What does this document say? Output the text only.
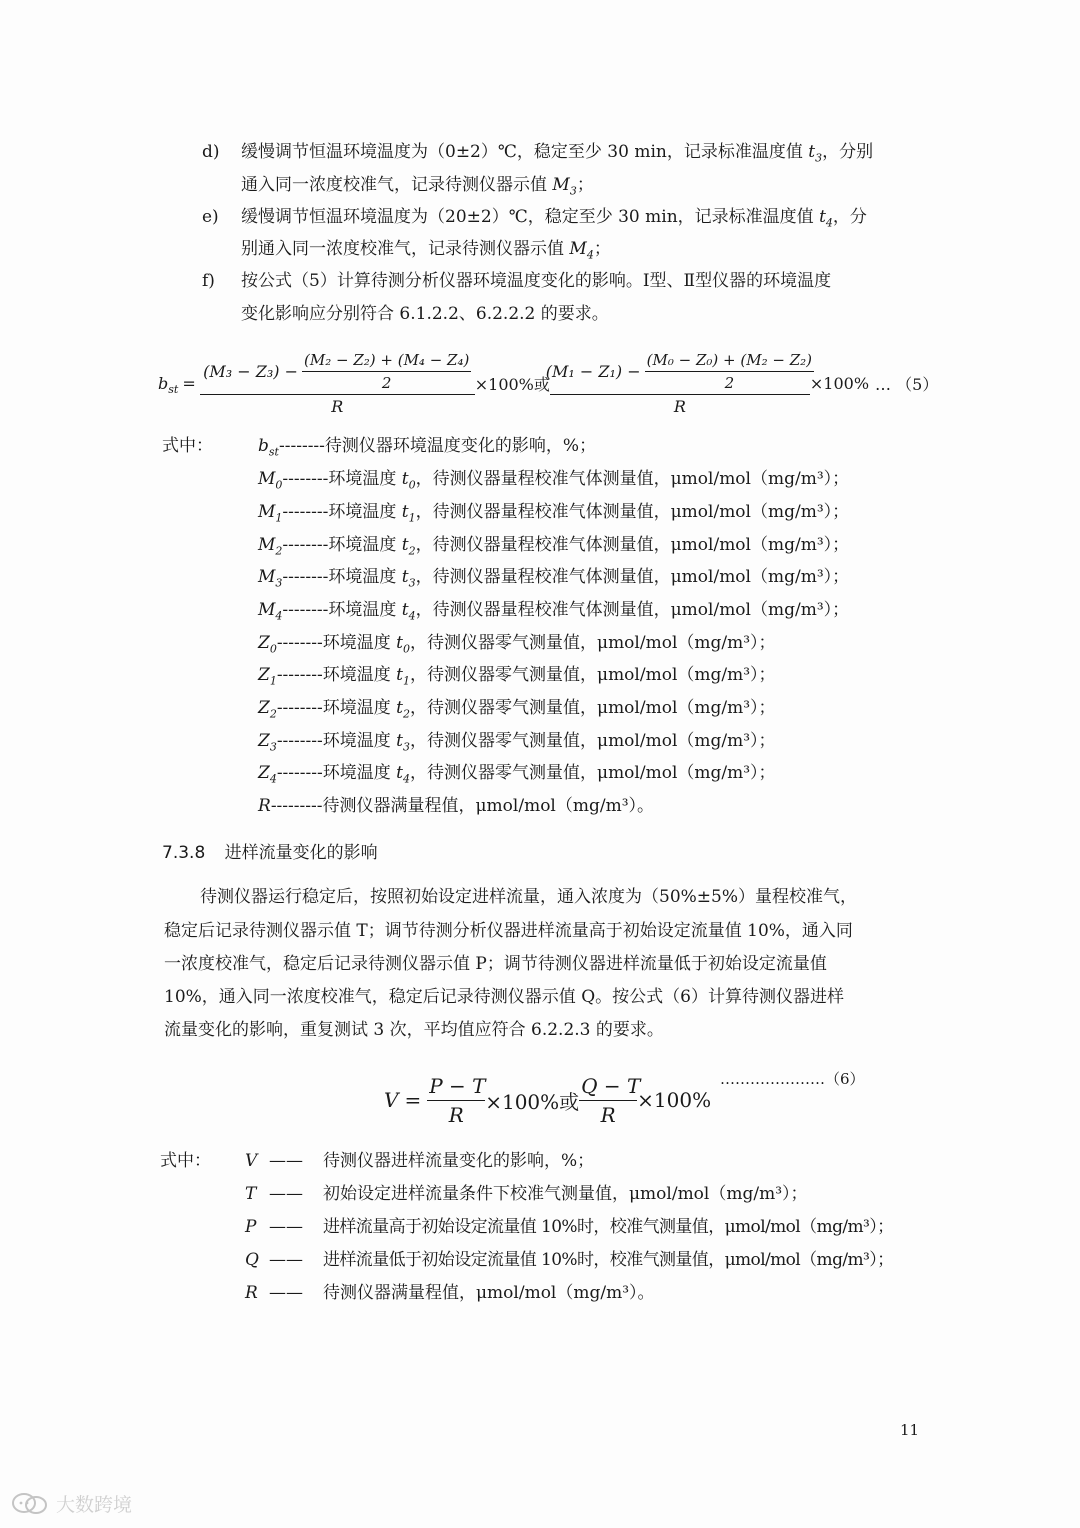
d) 缓慢调节恒温环境温度为（0±2）℃，稳定至少 30 min，记录标准温度值 $t_3$，分别
通入同一浓度校准气，记录待测仪器示值 $M_3$；
e) 缓慢调节恒温环境温度为（20±2）℃，稳定至少 30 min，记录标准温度值 $t_4$，分
别通入同一浓度校准气，记录待测仪器示值 $M_4$；
f) 按公式（5）计算待测分析仪器环境温度变化的影响。Ⅰ型、Ⅱ型仪器的环境温度
变化影响应分别符合 6.1.2.2、6.2.2.2 的要求。
$b_{st} = \frac{(M_3 - Z_3) - \frac{\text{(M₂ − Z₂) + (M₄ − Z₄)}}{2}}{R} \times 100\%$或 $\frac{(M_1 - Z_1) - \frac{\text{(M₀ − Z₀) + (M₂ − Z₂)}}{2}}{R} \times 100\%$ … （5）
式中：	$b_{st}--------$待测仪器环境温度变化的影响，%；
$M_0--------$环境温度 $t_0$，待测仪器量程校准气体测量值，μmol/mol（mg/m³）；
$M_1--------$环境温度 $t_1$，待测仪器量程校准气体测量值，μmol/mol（mg/m³）；
$M_2--------$环境温度 $t_2$，待测仪器量程校准气体测量值，μmol/mol（mg/m³）；
$M_3--------$环境温度 $t_3$，待测仪器量程校准气体测量值，μmol/mol（mg/m³）；
$M_4--------$环境温度 $t_4$，待测仪器量程校准气体测量值，μmol/mol（mg/m³）；
$Z_0--------$环境温度 $t_0$，待测仪器零气测量值，μmol/mol（mg/m³）；
$Z_1--------$环境温度 $t_1$，待测仪器零气测量值，μmol/mol（mg/m³）；
$Z_2--------$环境温度 $t_2$，待测仪器零气测量值，μmol/mol（mg/m³）；
$Z_3--------$环境温度 $t_3$，待测仪器零气测量值，μmol/mol（mg/m³）；
$Z_4--------$环境温度 $t_4$，待测仪器零气测量值，μmol/mol（mg/m³）；
R---------待测仪器满量程值，μmol/mol（mg/m³）。
7.3.8 进样流量变化的影响
待测仪器运行稳定后，按照初始设定进样流量，通入浓度为（50%±5%）量程校准气，
稳定后记录待测仪器示值 T；调节待测分析仪器进样流量高于初始设定流量值 10%，通入同
一浓度校准气，稳定后记录待测仪器示值 P；调节待测仪器进样流量低于初始设定流量值
10%，通入同一浓度校准气，稳定后记录待测仪器示值 Q。按公式（6）计算待测仪器进样
流量变化的影响，重复测试 3 次，平均值应符合 6.2.2.3 的要求。
$V = \frac{P - T}{R} \times 100\%$或 $\frac{Q - T}{R} \times 100\%$
…………………（6）
式中： V —— 待测仪器进样流量变化的影响，%；
T —— 初始设定进样流量条件下校准气测量值，μmol/mol（mg/m³）；
P —— 进样流量高于初始设定流量值 10%时，校准气测量值，μmol/mol（mg/m³）；
Q —— 进样流量低于初始设定流量值 10%时，校准气测量值，μmol/mol（mg/m³）；
R —— 待测仪器满量程值，μmol/mol（mg/m³）。
11
大数跨境
